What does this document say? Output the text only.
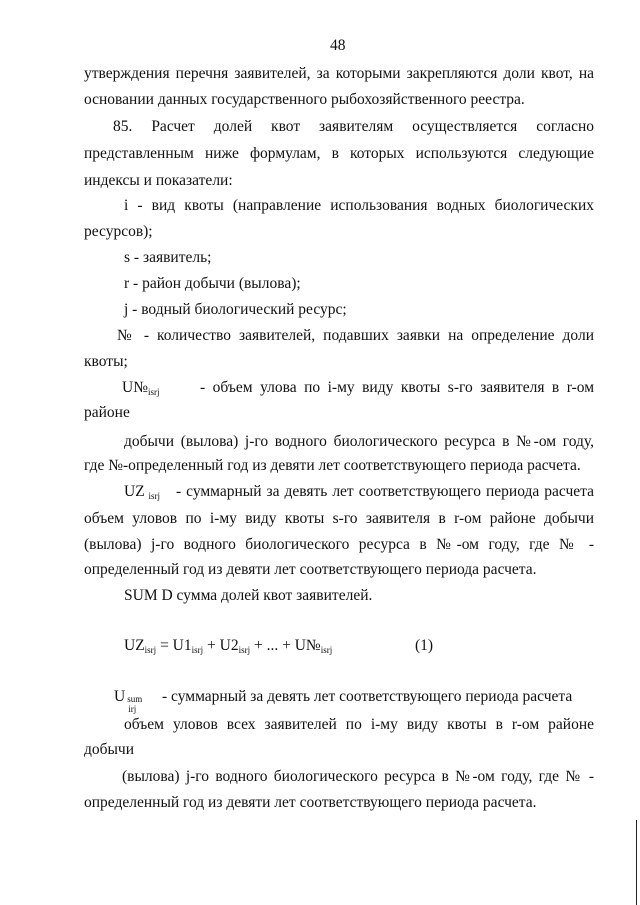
48
утверждения перечня заявителей, за которыми закрепляются доли квот, на
основании данных государственного рыбохозяйственного реестра.
85. Расчет долей квот заявителям осуществляется согласно
представленным ниже формулам, в которых используются следующие
индексы и показатели:
i - вид квоты (направление использования водных биологических
ресурсов);
s - заявитель;
r - район добычи (вылова);
j - водный биологический ресурс;
№ - количество заявителей, подавших заявки на определение доли
квоты;
$U№_{isrj}$	- объем улова по i-му виду квоты s-го заявителя в r-ом
районе
добычи (вылова) j-го водного биологического ресурса в №-ом году,
где №-определенный год из девяти лет соответствующего периода расчета.
UZ $_{isrj}$ - суммарный за девять лет соответствующего периода расчета
объем уловов по i-му виду квоты s-го заявителя в r-ом районе добычи
(вылова) j-го водного биологического ресурса в №-ом году, где № -
определенный год из девяти лет соответствующего периода расчета.
SUM D сумма долей квот заявителей.
$UZ_{isrj} = U1_{isrj} + U2_{isrj}$ + ... + $U№_{isrj}$	(1)
U sum
irj
- суммарный за девять лет соответствующего периода расчета
объем уловов всех заявителей по i-му виду квоты в r-ом районе
добычи
(вылова) j-го водного биологического ресурса в №-ом году, где № -
определенный год из девяти лет соответствующего периода расчета.
